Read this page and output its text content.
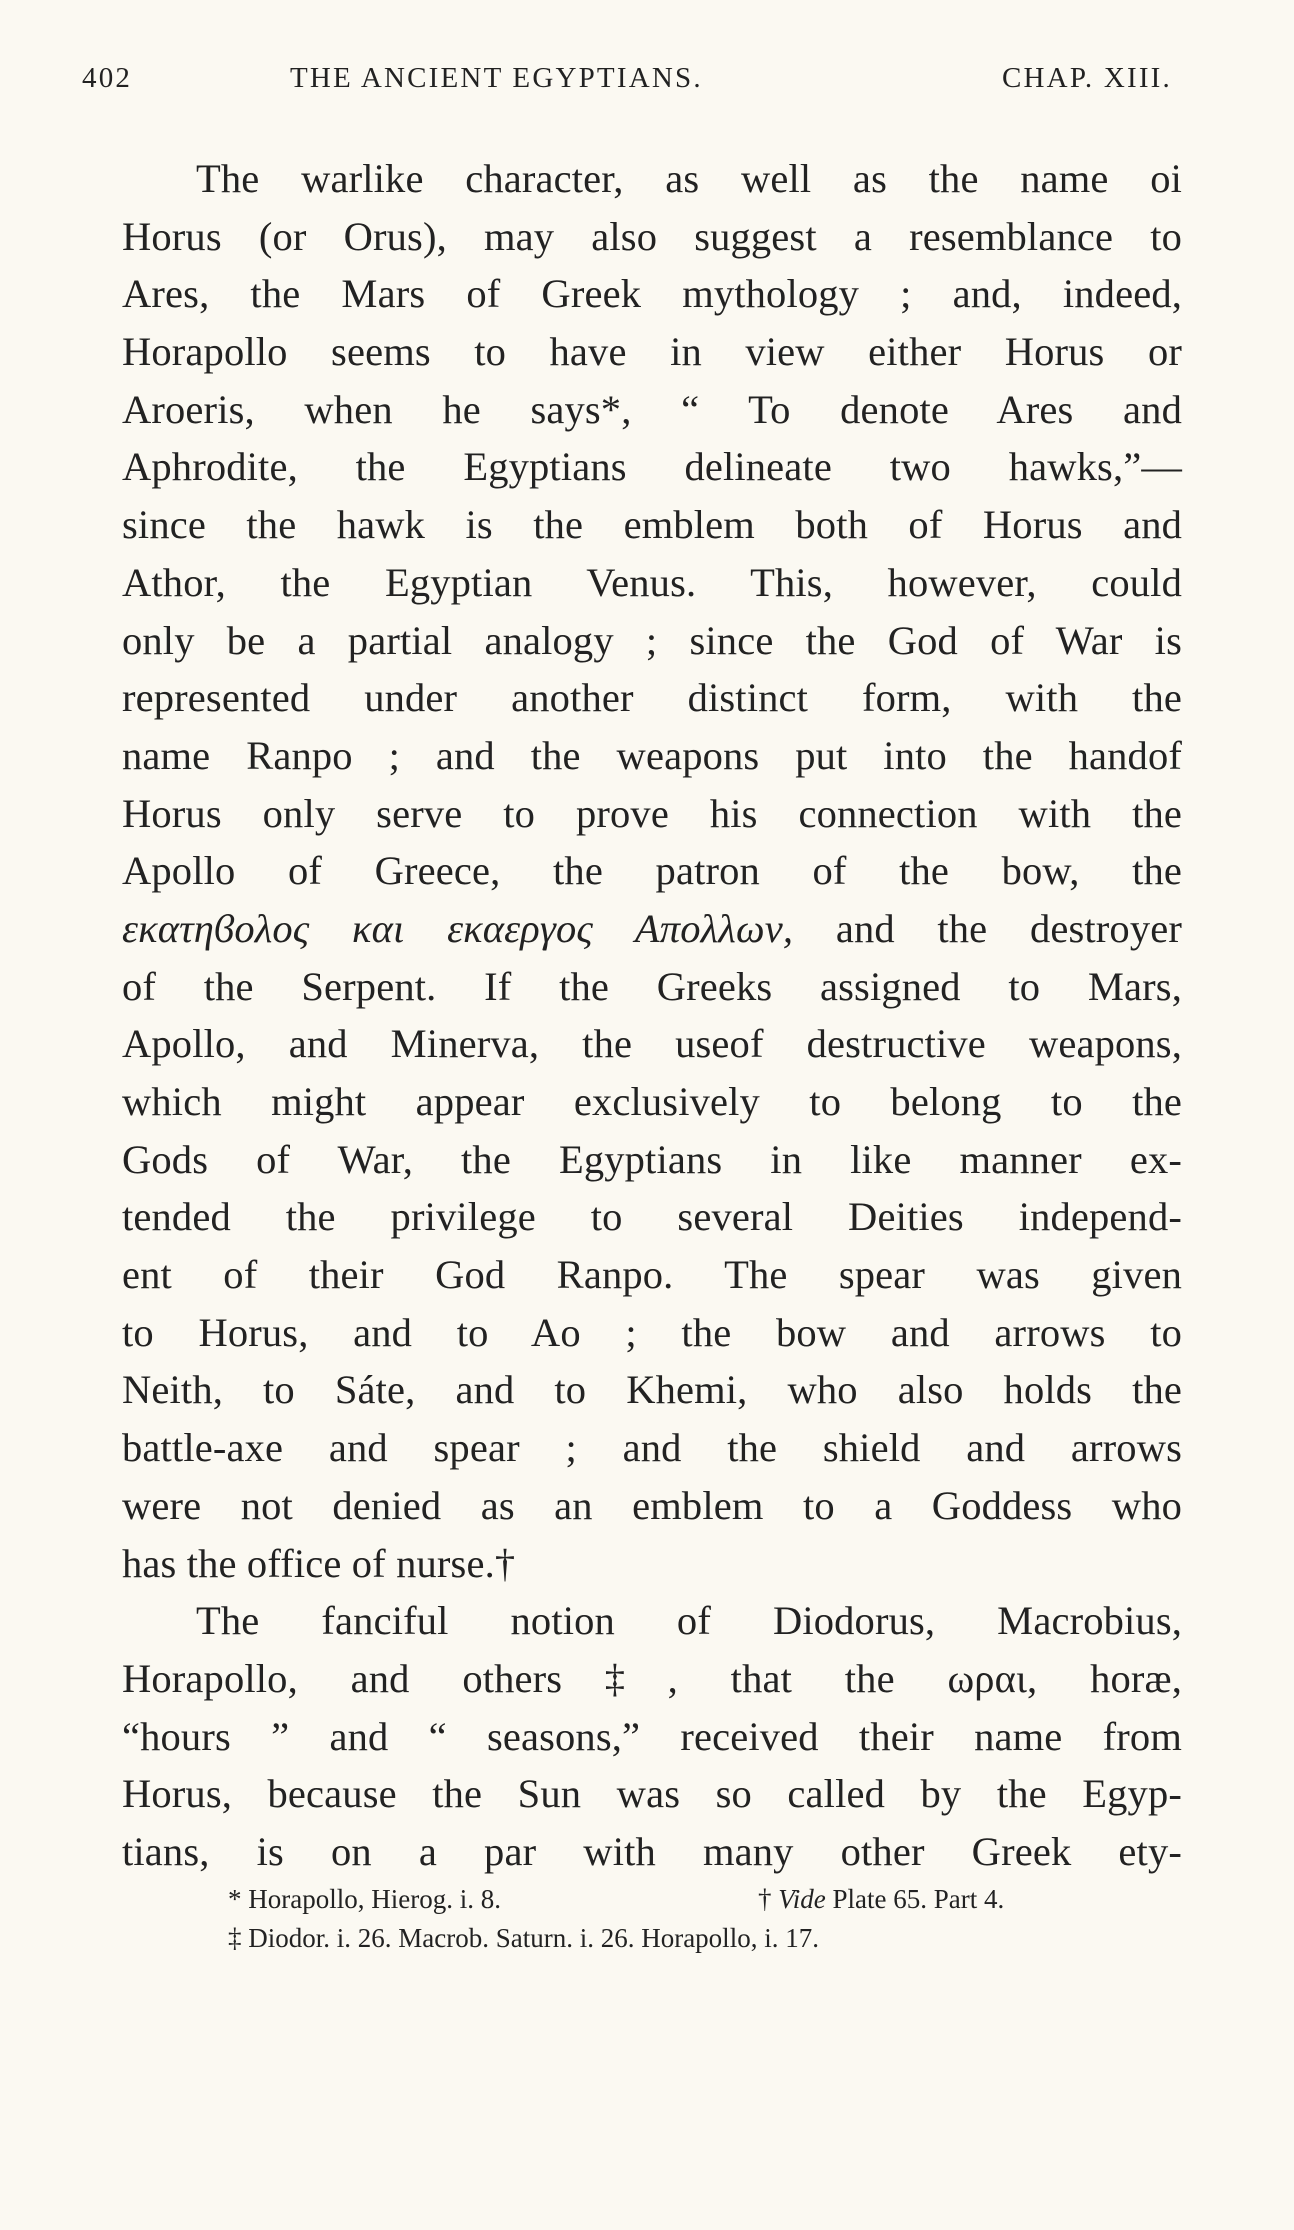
402	THE ANCIENT EGYPTIANS.	CHAP. XIII.
The warlike character, as well as the name oi
Horus (or Orus), may also suggest a resemblance to
Ares, the Mars of Greek mythology ; and, indeed,
Horapollo seems to have in view either Horus or
Aroeris, when he says*, “ To denote Ares and
Aphrodite, the Egyptians delineate two hawks,”—
since the hawk is the emblem both of Horus and
Athor, the Egyptian Venus. This, however, could
only be a partial analogy ; since the God of War is
represented under another distinct form, with the
name Ranpo ; and the weapons put into the handof
Horus only serve to prove his connection with the
Apollo of Greece, the patron of the bow, the
εκατηϐολος και εκαεργος Απολλων, and the destroyer
of the Serpent. If the Greeks assigned to Mars,
Apollo, and Minerva, the useof destructive weapons,
which might appear exclusively to belong to the
Gods of War, the Egyptians in like manner ex-
tended the privilege to several Deities independ-
ent of their God Ranpo. The spear was given
to Horus, and to Ao ; the bow and arrows to
Neith, to Sáte, and to Khemi, who also holds the
battle-axe and spear ; and the shield and arrows
were not denied as an emblem to a Goddess who
has the office of nurse.†
The fanciful notion of Diodorus, Macrobius,
Horapollo, and others‡, that the ωραι, horæ,
“hours ” and “ seasons,” received their name from
Horus, because the Sun was so called by the Egyp-
tians, is on a par with many other Greek ety-
* Horapollo, Hierog. i. 8.	† Vide Plate 65. Part 4.
‡ Diodor. i. 26. Macrob. Saturn. i. 26. Horapollo, i. 17.
